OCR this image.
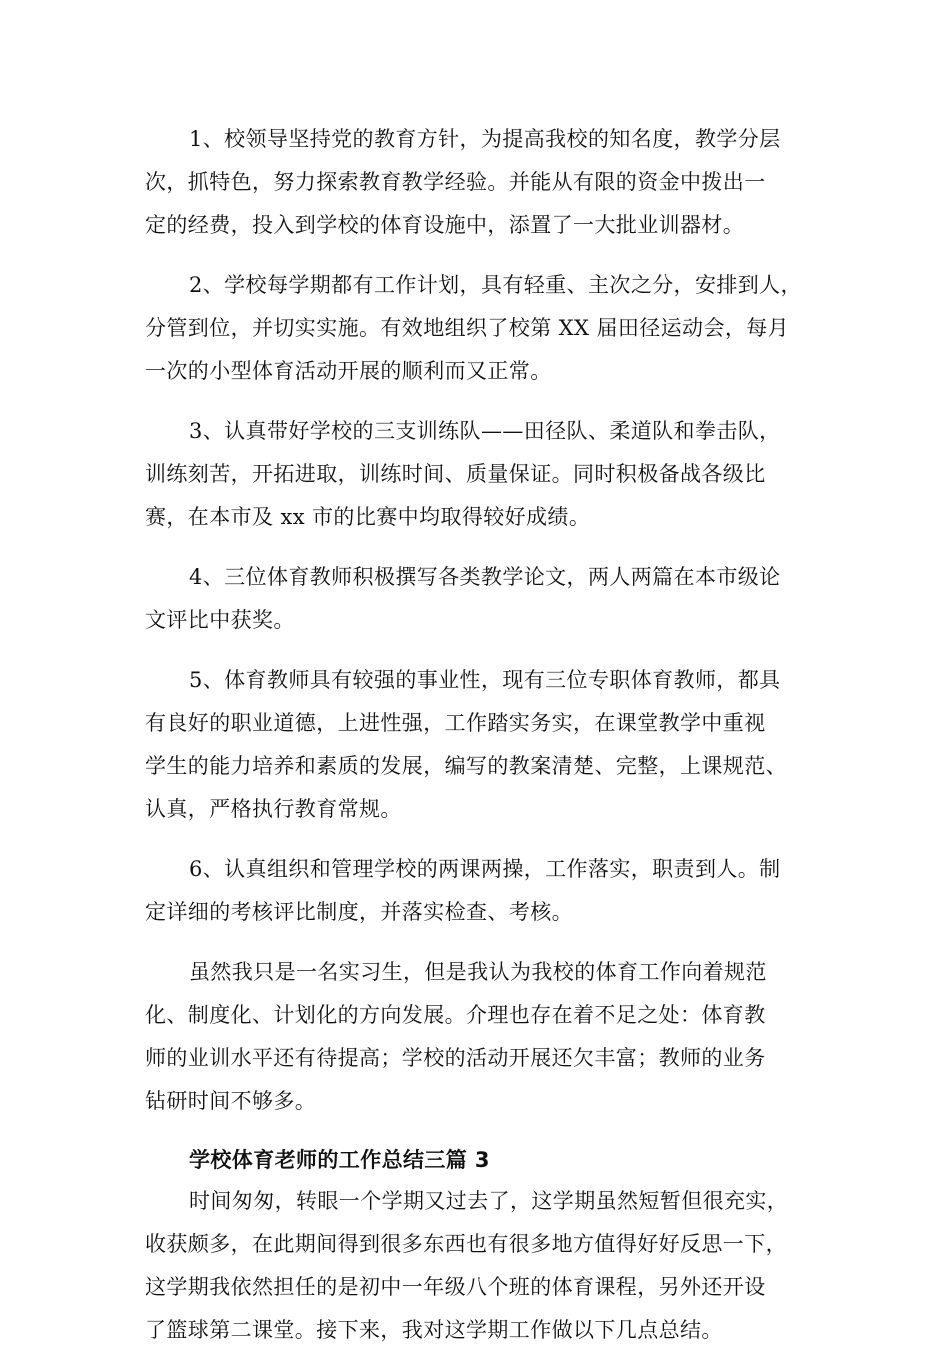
1、校领导坚持党的教育方针，为提高我校的知名度，教学分层
次，抓特色，努力探索教育教学经验。并能从有限的资金中拨出一
定的经费，投入到学校的体育设施中，添置了一大批业训器材。

2、学校每学期都有工作计划，具有轻重、主次之分，安排到人，
分管到位，并切实实施。有效地组织了校第 XX 届田径运动会，每月
一次的小型体育活动开展的顺利而又正常。

3、认真带好学校的三支训练队——田径队、柔道队和拳击队，
训练刻苦，开拓进取，训练时间、质量保证。同时积极备战各级比
赛，在本市及 xx 市的比赛中均取得较好成绩。

4、三位体育教师积极撰写各类教学论文，两人两篇在本市级论
文评比中获奖。

5、体育教师具有较强的事业性，现有三位专职体育教师，都具
有良好的职业道德，上进性强，工作踏实务实，在课堂教学中重视
学生的能力培养和素质的发展，编写的教案清楚、完整，上课规范、
认真，严格执行教育常规。

6、认真组织和管理学校的两课两操，工作落实，职责到人。制
定详细的考核评比制度，并落实检查、考核。

虽然我只是一名实习生，但是我认为我校的体育工作向着规范
化、制度化、计划化的方向发展。介理也存在着不足之处：体育教
师的业训水平还有待提高；学校的活动开展还欠丰富；教师的业务
钻研时间不够多。

学校体育老师的工作总结三篇 3

时间匆匆，转眼一个学期又过去了，这学期虽然短暂但很充实，
收获颇多，在此期间得到很多东西也有很多地方值得好好反思一下，
这学期我依然担任的是初中一年级八个班的体育课程，另外还开设
了篮球第二课堂。接下来，我对这学期工作做以下几点总结。
